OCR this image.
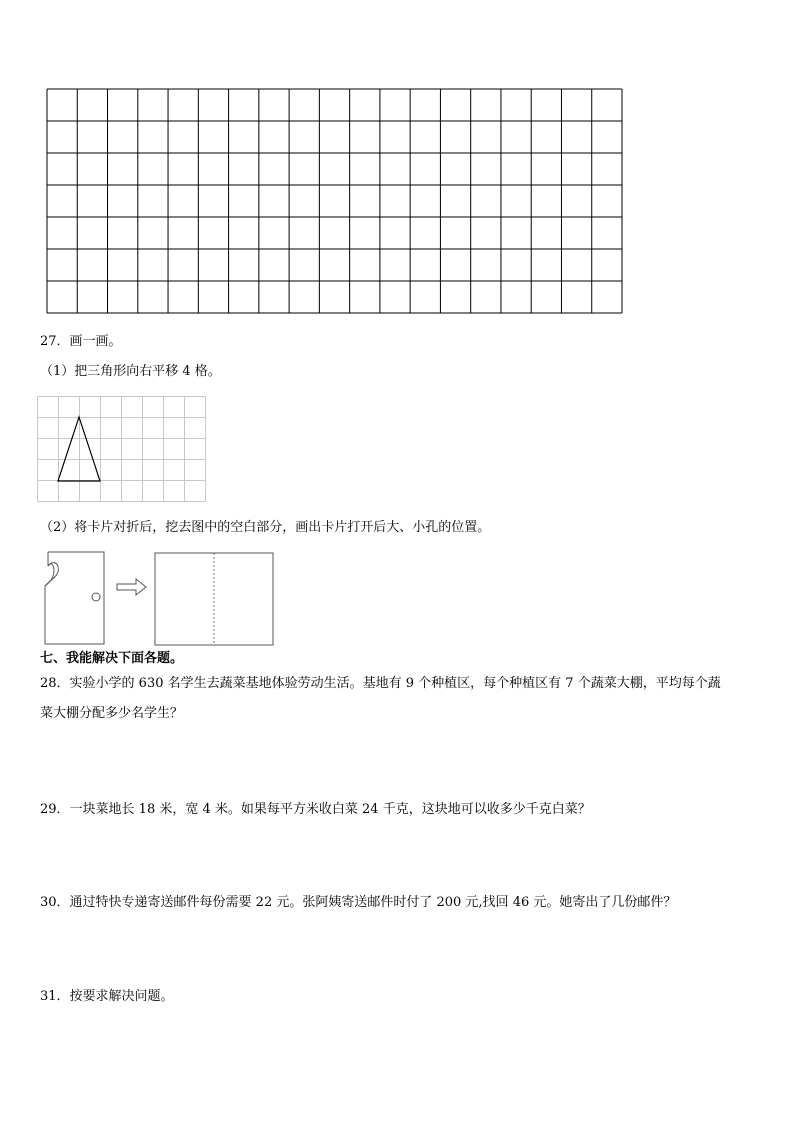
27．画一画。
（1）把三角形向右平移 4 格。
（2）将卡片对折后，挖去图中的空白部分，画出卡片打开后大、小孔的位置。
七、我能解决下面各题。
28．实验小学的 630 名学生去蔬菜基地体验劳动生活。基地有 9 个种植区，每个种植区有 7 个蔬菜大棚，平均每个蔬
菜大棚分配多少名学生？
29．一块菜地长 18 米，宽 4 米。如果每平方米收白菜 24 千克，这块地可以收多少千克白菜？
30．通过特快专递寄送邮件每份需要 22 元。张阿姨寄送邮件时付了 200 元,找回 46 元。她寄出了几份邮件？
31．按要求解决问题。
